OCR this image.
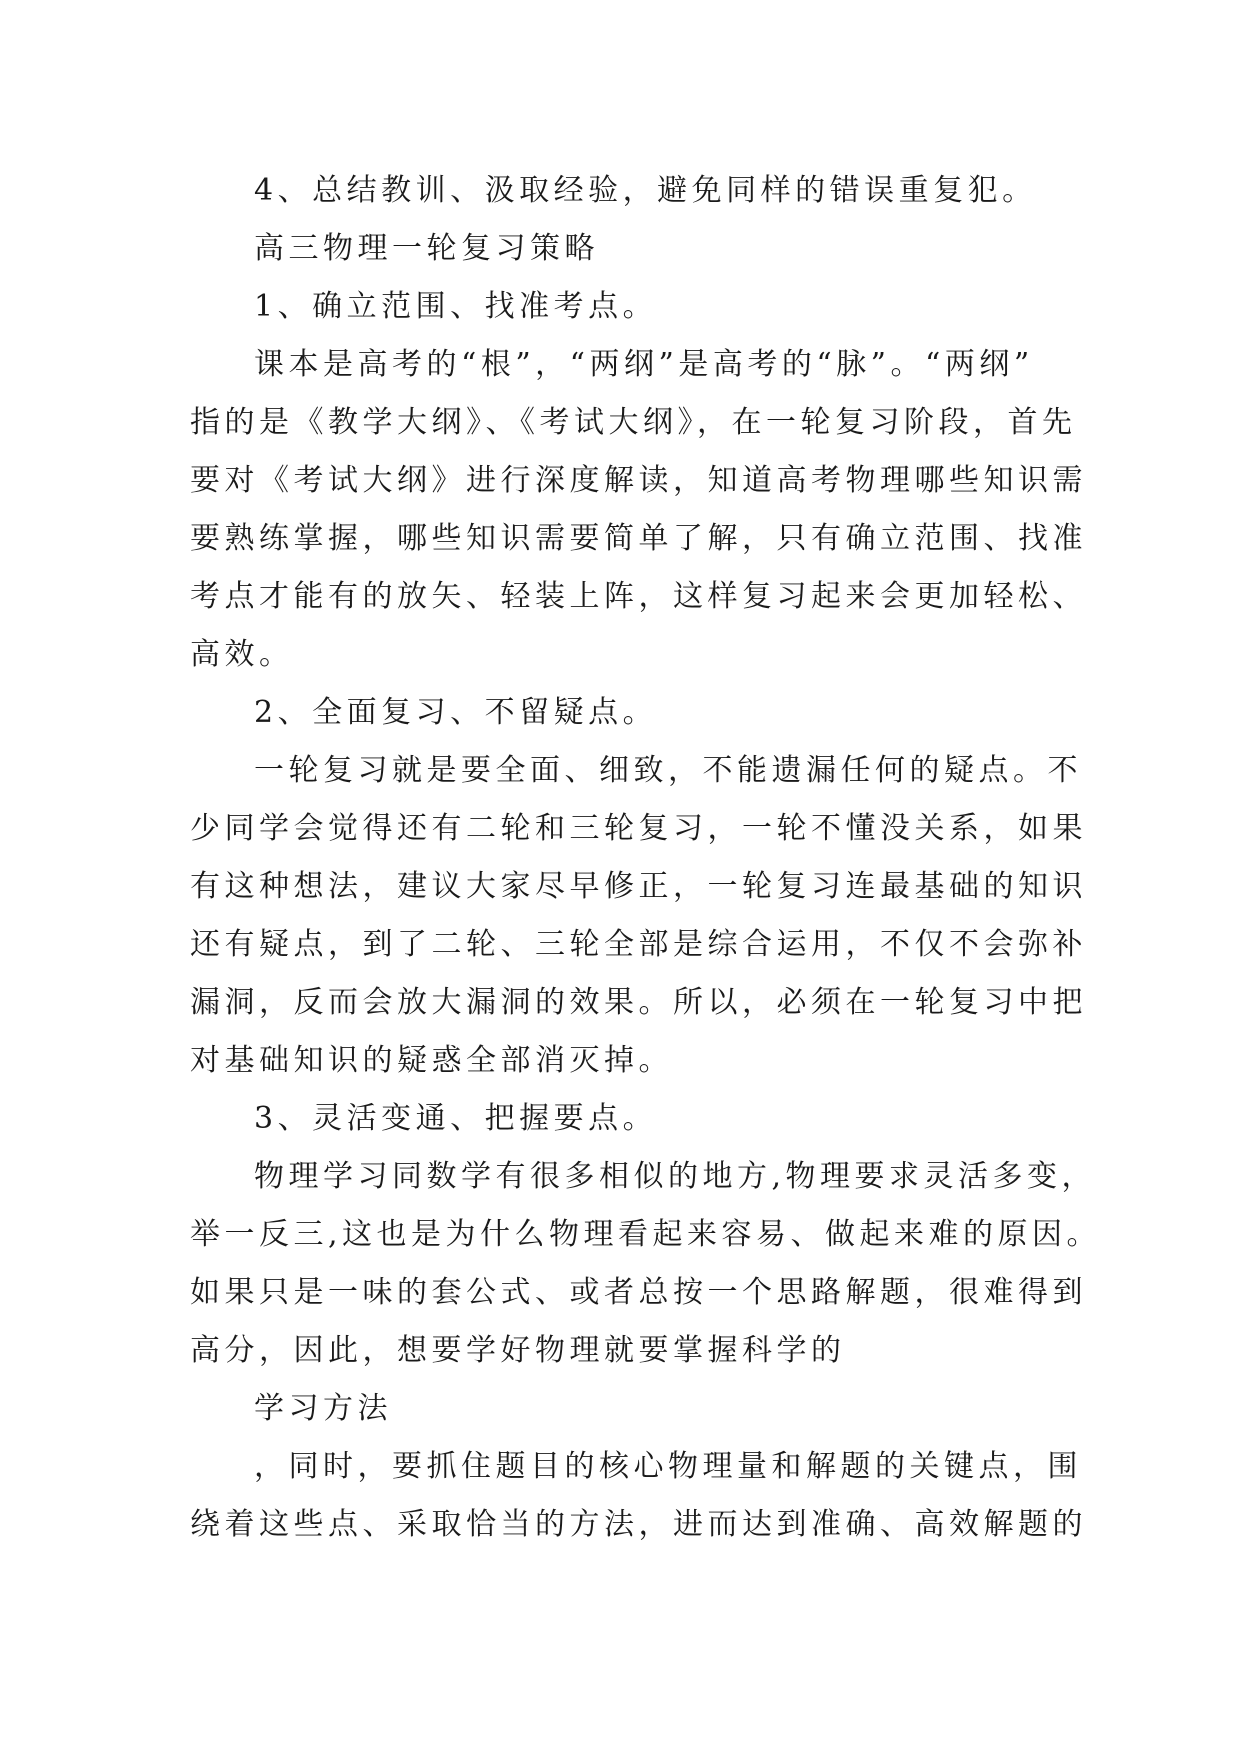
4、总结教训、汲取经验，避免同样的错误重复犯。
高三物理一轮复习策略
1、确立范围、找准考点。
课本是高考的“根”，“两纲”是高考的“脉”。“两纲”
指的是《教学大纲》、《考试大纲》，在一轮复习阶段，首先
要对《考试大纲》进行深度解读，知道高考物理哪些知识需
要熟练掌握，哪些知识需要简单了解，只有确立范围、找准
考点才能有的放矢、轻装上阵，这样复习起来会更加轻松、
高效。
2、全面复习、不留疑点。
一轮复习就是要全面、细致，不能遗漏任何的疑点。不
少同学会觉得还有二轮和三轮复习，一轮不懂没关系，如果
有这种想法，建议大家尽早修正，一轮复习连最基础的知识
还有疑点，到了二轮、三轮全部是综合运用，不仅不会弥补
漏洞，反而会放大漏洞的效果。所以，必须在一轮复习中把
对基础知识的疑惑全部消灭掉。
3、灵活变通、把握要点。
物理学习同数学有很多相似的地方,物理要求灵活多变，
举一反三,这也是为什么物理看起来容易、做起来难的原因。
如果只是一味的套公式、或者总按一个思路解题，很难得到
高分，因此，想要学好物理就要掌握科学的
学习方法
，同时，要抓住题目的核心物理量和解题的关键点，围
绕着这些点、采取恰当的方法，进而达到准确、高效解题的
